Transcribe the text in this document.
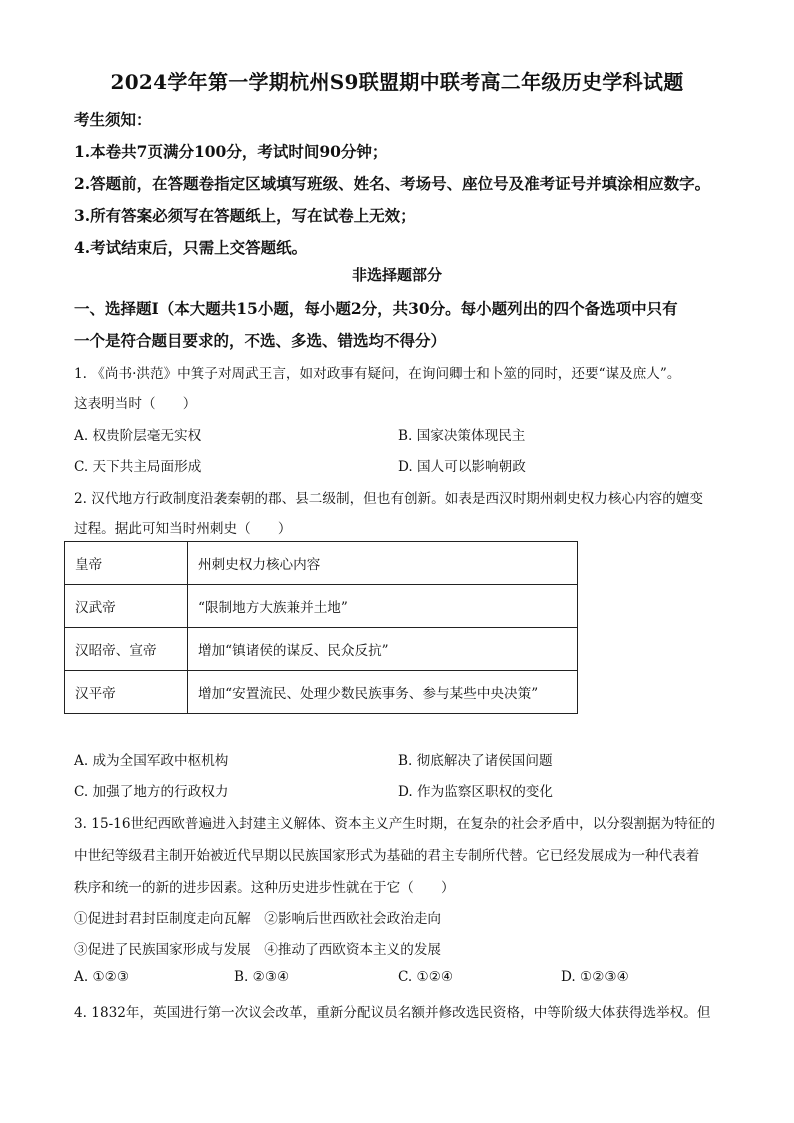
2024学年第一学期杭州S9联盟期中联考高二年级历史学科试题
考生须知：
1.本卷共7页满分100分，考试时间90分钟；
2.答题前，在答题卷指定区域填写班级、姓名、考场号、座位号及准考证号并填涂相应数字。
3.所有答案必须写在答题纸上，写在试卷上无效；
4.考试结束后，只需上交答题纸。
非选择题部分
一、选择题Ⅰ（本大题共15小题，每小题2分，共30分。每小题列出的四个备选项中只有
一个是符合题目要求的，不选、多选、错选均不得分）
1. 《尚书·洪范》中箕子对周武王言，如对政事有疑问，在询问卿士和卜筮的同时，还要“谋及庶人”。
这表明当时（　　）
A. 权贵阶层毫无实权	B. 国家决策体现民主
C. 天下共主局面形成	D. 国人可以影响朝政
2. 汉代地方行政制度沿袭秦朝的郡、县二级制，但也有创新。如表是西汉时期州刺史权力核心内容的嬗变
过程。据此可知当时州刺史（　　）
皇帝	州刺史权力核心内容
汉武帝	“限制地方大族兼并土地”
汉昭帝、宣帝	增加“镇诸侯的谋反、民众反抗”
汉平帝	增加“安置流民、处理少数民族事务、参与某些中央决策”
A. 成为全国军政中枢机构	B. 彻底解决了诸侯国问题
C. 加强了地方的行政权力	D. 作为监察区职权的变化
3. 15-16世纪西欧普遍进入封建主义解体、资本主义产生时期，在复杂的社会矛盾中，以分裂割据为特征的
中世纪等级君主制开始被近代早期以民族国家形式为基础的君主专制所代替。它已经发展成为一种代表着
秩序和统一的新的进步因素。这种历史进步性就在于它（　　）
①促进封君封臣制度走向瓦解　②影响后世西欧社会政治走向
③促进了民族国家形成与发展　④推动了西欧资本主义的发展
A. ①②③	B. ②③④	C. ①②④	D. ①②③④
4. 1832年，英国进行第一次议会改革，重新分配议员名额并修改选民资格，中等阶级大体获得选举权。但
